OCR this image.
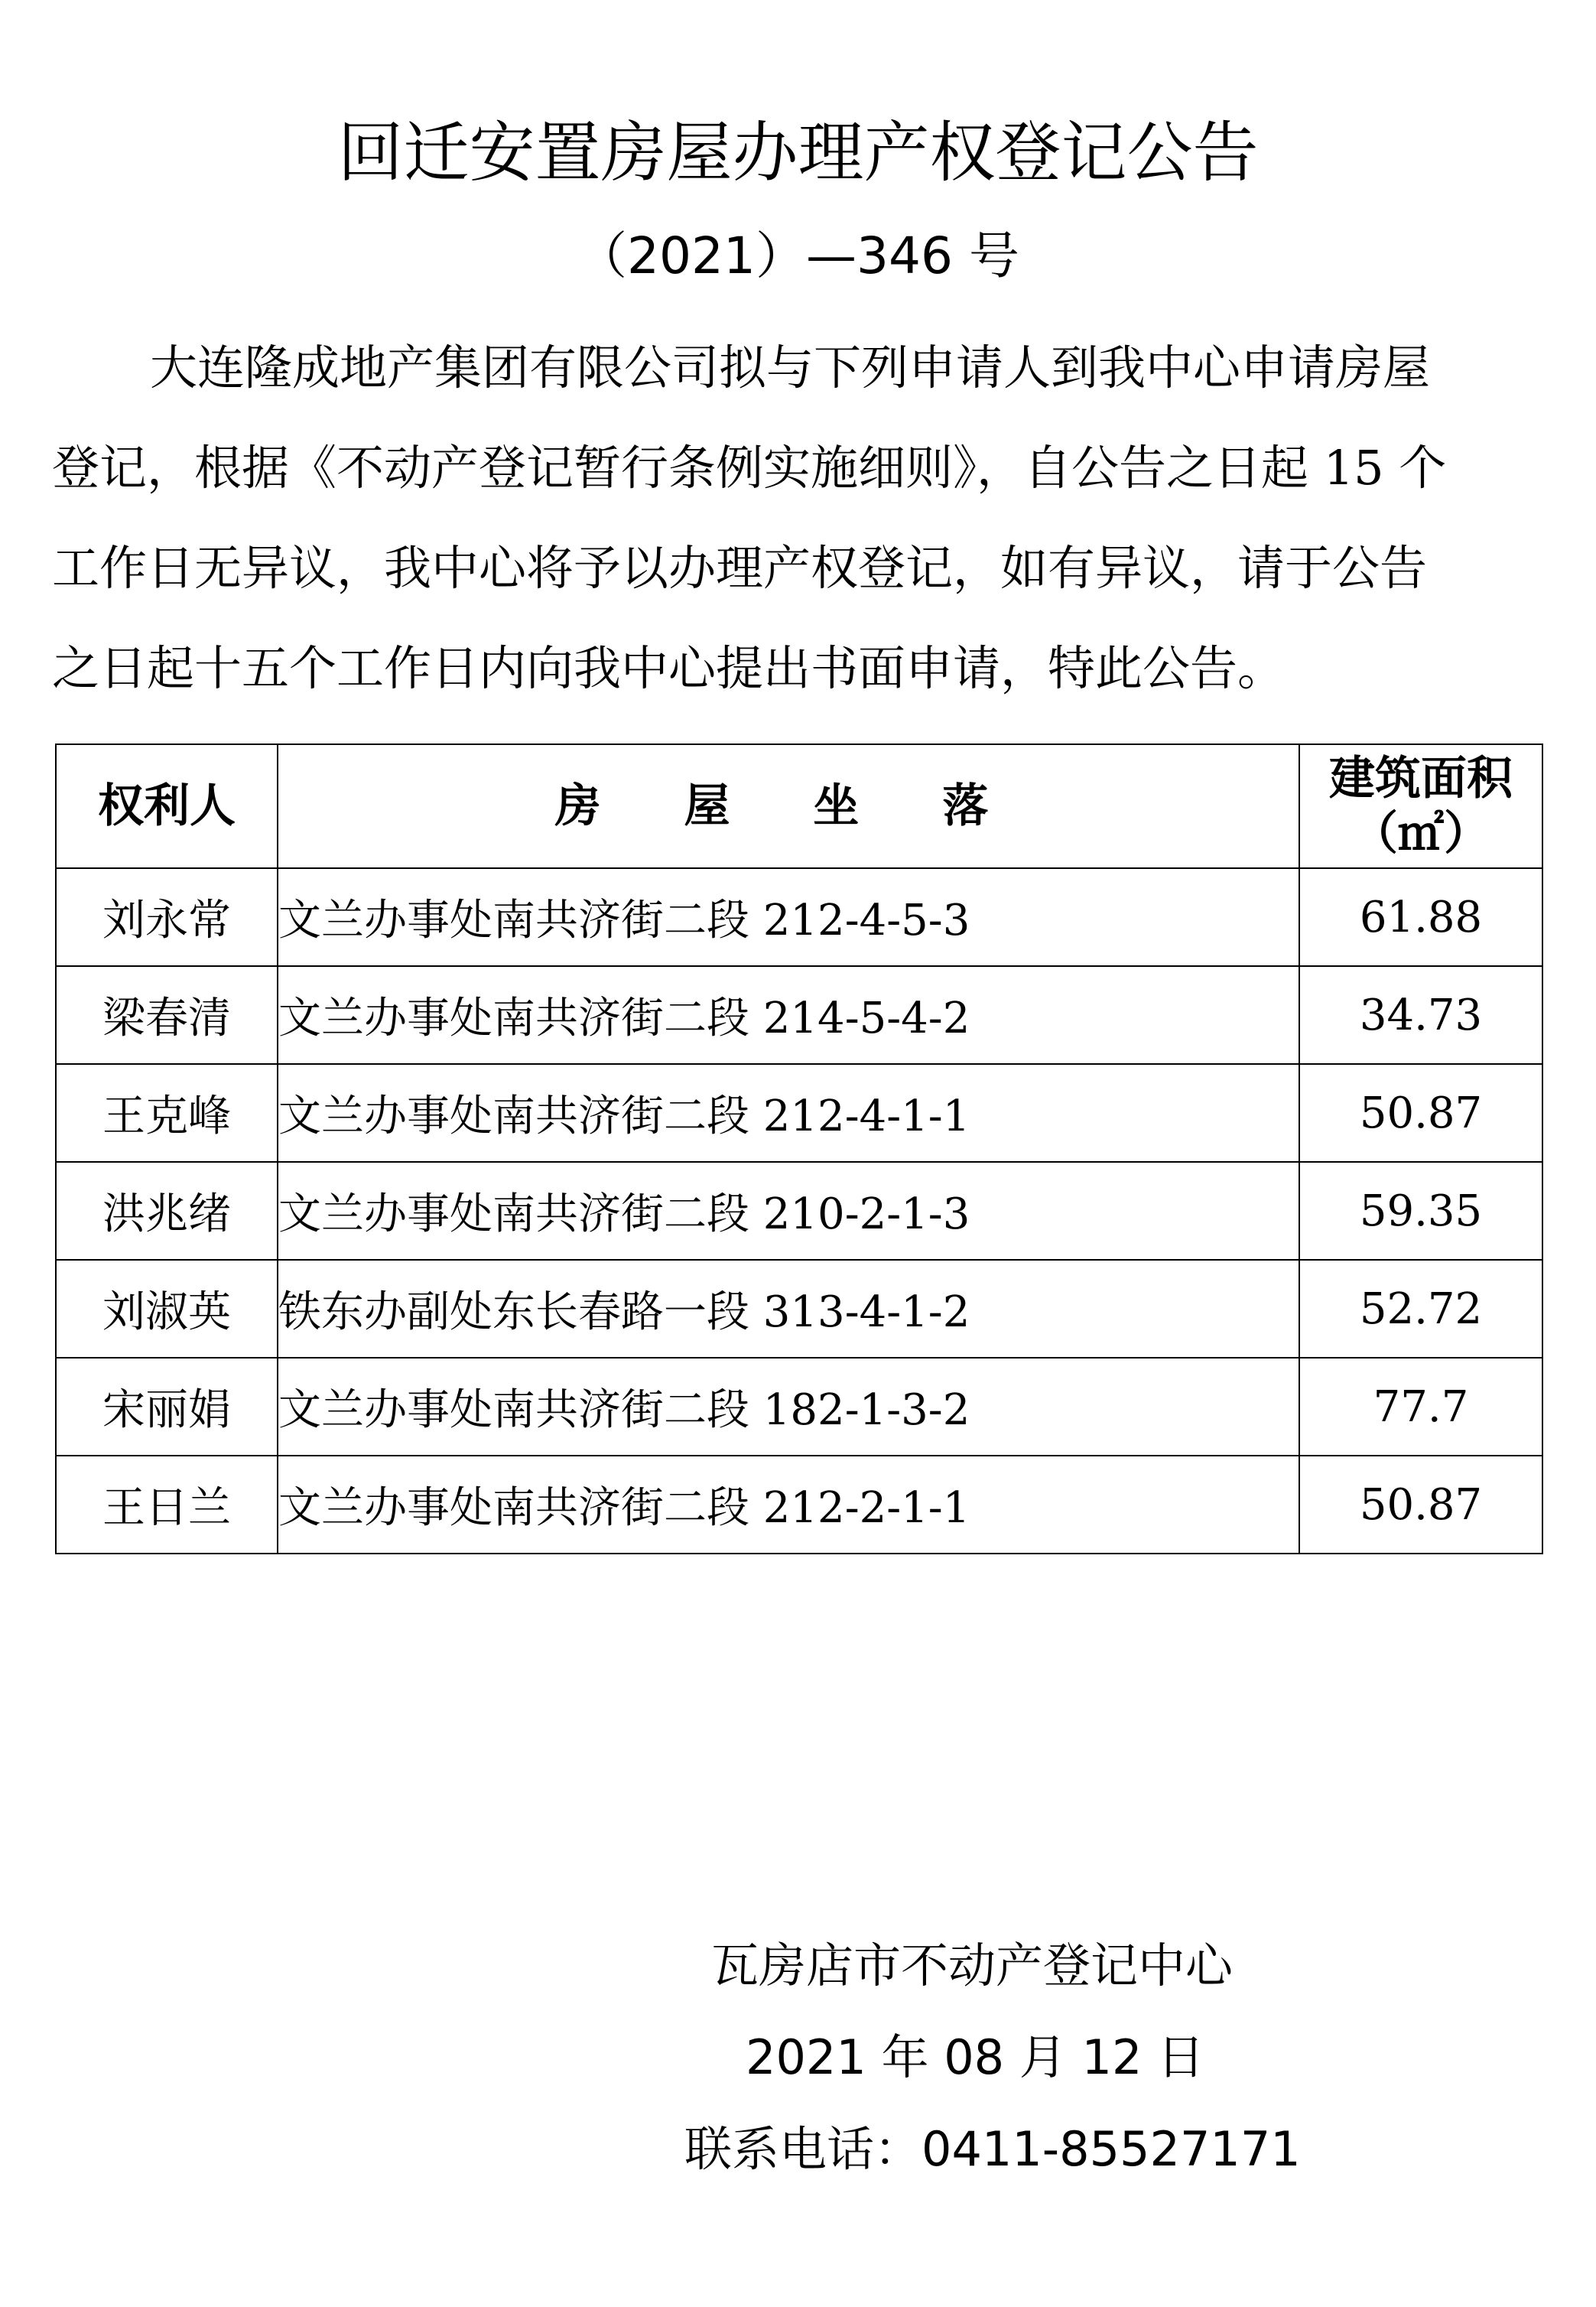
回迁安置房屋办理产权登记公告
（2021）—346 号
大连隆成地产集团有限公司拟与下列申请人到我中心申请房屋
登记，根据《不动产登记暂行条例实施细则》，自公告之日起 15 个
工作日无异议，我中心将予以办理产权登记，如有异议，请于公告
之日起十五个工作日内向我中心提出书面申请，特此公告。
权利人	房 屋 坐 落	建筑面积
（㎡）

刘永常	文兰办事处南共济街二段 212-4-5-3	61.88
梁春清	文兰办事处南共济街二段 214-5-4-2	34.73
王克峰	文兰办事处南共济街二段 212-4-1-1	50.87
洪兆绪	文兰办事处南共济街二段 210-2-1-3	59.35
刘淑英	铁东办副处东长春路一段 313-4-1-2	52.72
宋丽娟	文兰办事处南共济街二段 182-1-3-2	77.7
王日兰	文兰办事处南共济街二段 212-2-1-1	50.87
瓦房店市不动产登记中心
2021 年 08 月 12 日
联系电话：0411-85527171
